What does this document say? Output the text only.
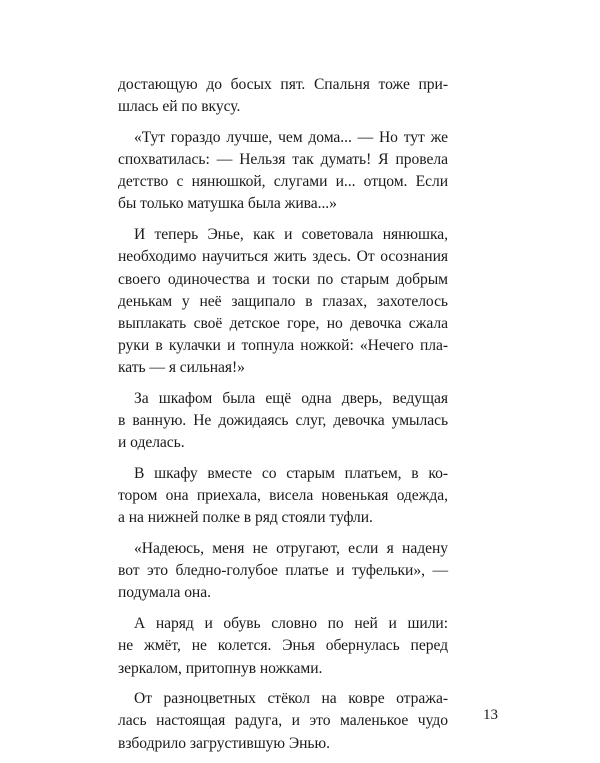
достающую до босых пят. Спальня тоже при-
шлась ей по вкусу.
«Тут гораздо лучше, чем дома... — Но тут же
спохватилась: — Нельзя так думать! Я провела
детство с нянюшкой, слугами и... отцом. Если
бы только матушка была жива...»
И теперь Энье, как и советовала нянюшка,
необходимо научиться жить здесь. От осознания
своего одиночества и тоски по старым добрым
денькам у неё защипало в глазах, захотелось
выплакать своё детское горе, но девочка сжала
руки в кулачки и топнула ножкой: «Нечего пла-
кать — я сильная!»
За шкафом была ещё одна дверь, ведущая
в ванную. Не дожидаясь слуг, девочка умылась
и оделась.
В шкафу вместе со старым платьем, в ко-
тором она приехала, висела новенькая одежда,
а на нижней полке в ряд стояли туфли.
«Надеюсь, меня не отругают, если я надену
вот это бледно-голубое платье и туфельки», —
подумала она.
А наряд и обувь словно по ней и шили:
не жмёт, не колется. Энья обернулась перед
зеркалом, притопнув ножками.
От разноцветных стёкол на ковре отража-
лась настоящая радуга, и это маленькое чудо
взбодрило загрустившую Энью.
13
